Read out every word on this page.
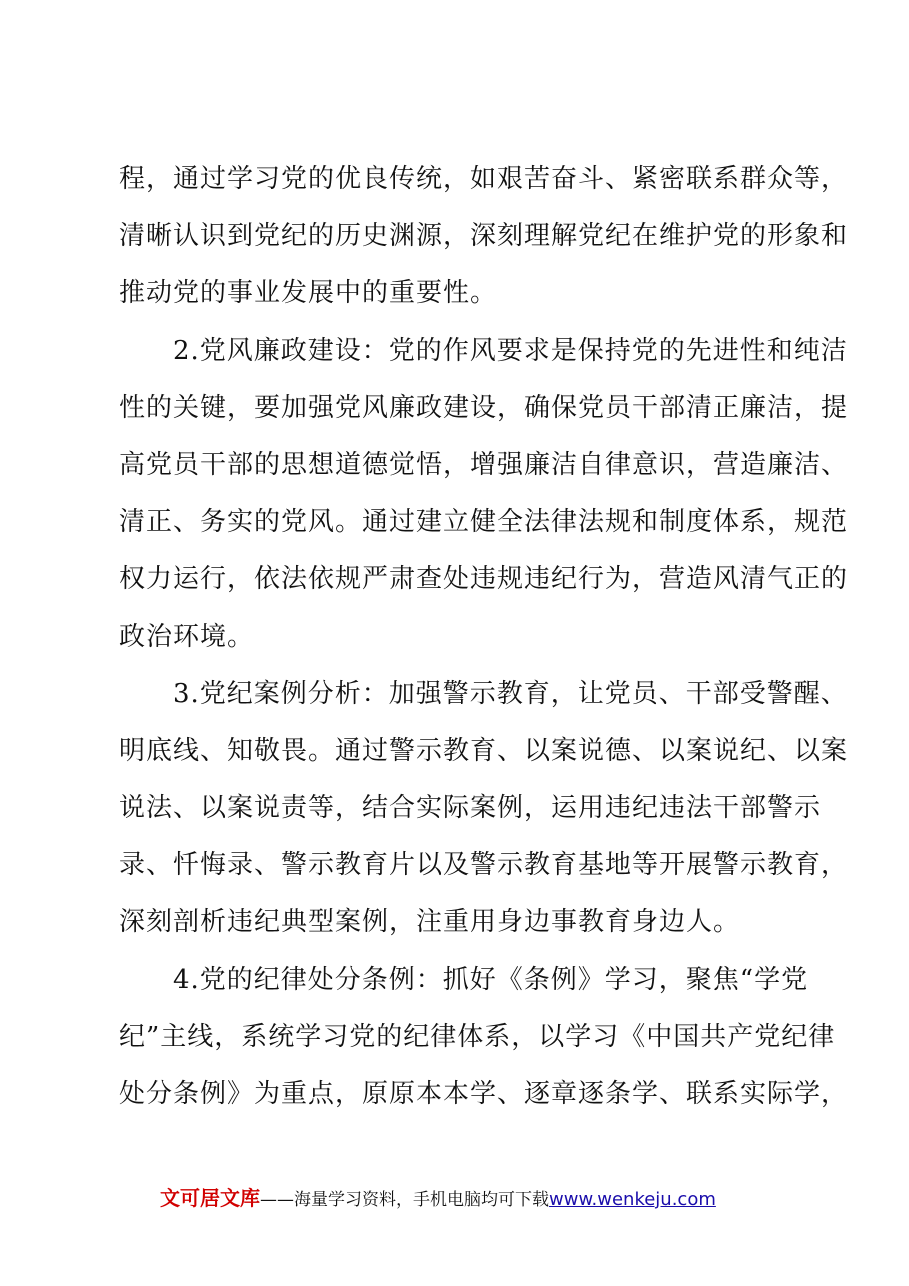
程，通过学习党的优良传统，如艰苦奋斗、紧密联系群众等，
清晰认识到党纪的历史渊源，深刻理解党纪在维护党的形象和
推动党的事业发展中的重要性。
　　2.党风廉政建设：党的作风要求是保持党的先进性和纯洁
性的关键，要加强党风廉政建设，确保党员干部清正廉洁，提
高党员干部的思想道德觉悟，增强廉洁自律意识，营造廉洁、
清正、务实的党风。通过建立健全法律法规和制度体系，规范
权力运行，依法依规严肃查处违规违纪行为，营造风清气正的
政治环境。
　　3.党纪案例分析：加强警示教育，让党员、干部受警醒、
明底线、知敬畏。通过警示教育、以案说德、以案说纪、以案
说法、以案说责等，结合实际案例，运用违纪违法干部警示
录、忏悔录、警示教育片以及警示教育基地等开展警示教育，
深刻剖析违纪典型案例，注重用身边事教育身边人。
　　4.党的纪律处分条例：抓好《条例》学习，聚焦“学党
纪”主线，系统学习党的纪律体系，以学习《中国共产党纪律
处分条例》为重点，原原本本学、逐章逐条学、联系实际学，
文可居文库——海量学习资料，手机电脑均可下载www.wenkeju.com
